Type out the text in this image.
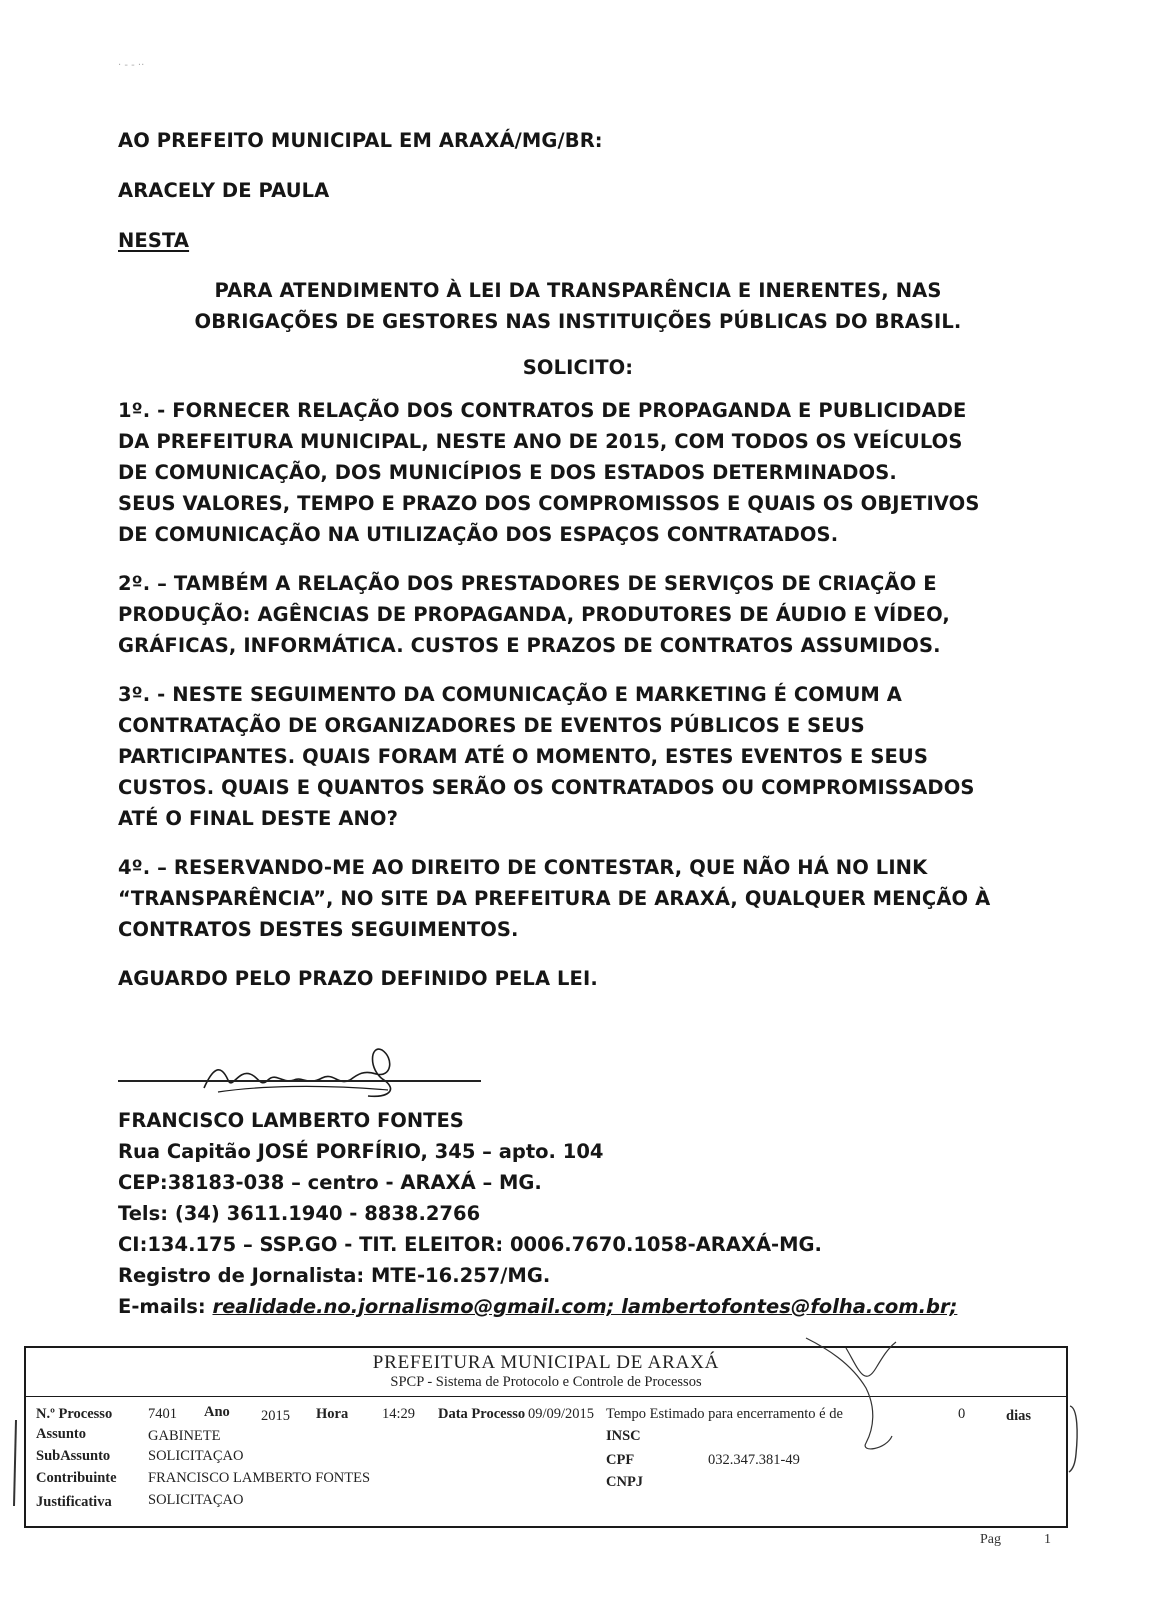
· - - ··

AO PREFEITO MUNICIPAL EM ARAXÁ/MG/BR:

ARACELY DE PAULA

NESTA

PARA ATENDIMENTO À LEI DA TRANSPARÊNCIA E INERENTES, NAS

OBRIGAÇÕES DE GESTORES NAS INSTITUIÇÕES PÚBLICAS DO BRASIL.

SOLICITO:

1º. - FORNECER RELAÇÃO DOS CONTRATOS DE PROPAGANDA E PUBLICIDADE

DA PREFEITURA MUNICIPAL, NESTE ANO DE 2015, COM TODOS OS VEÍCULOS

DE COMUNICAÇÃO, DOS MUNICÍPIOS E DOS ESTADOS DETERMINADOS.

SEUS VALORES, TEMPO E PRAZO DOS COMPROMISSOS E QUAIS OS OBJETIVOS

DE COMUNICAÇÃO NA UTILIZAÇÃO DOS ESPAÇOS CONTRATADOS.

2º. – TAMBÉM A RELAÇÃO DOS PRESTADORES DE SERVIÇOS DE CRIAÇÃO E

PRODUÇÃO: AGÊNCIAS DE PROPAGANDA, PRODUTORES DE ÁUDIO E VÍDEO,

GRÁFICAS, INFORMÁTICA. CUSTOS E PRAZOS DE CONTRATOS ASSUMIDOS.

3º. - NESTE SEGUIMENTO DA COMUNICAÇÃO E MARKETING É COMUM A

CONTRATAÇÃO DE ORGANIZADORES DE EVENTOS PÚBLICOS E SEUS

PARTICIPANTES. QUAIS FORAM ATÉ O MOMENTO, ESTES EVENTOS E SEUS

CUSTOS. QUAIS E QUANTOS SERÃO OS CONTRATADOS OU COMPROMISSADOS

ATÉ O FINAL DESTE ANO?

4º. – RESERVANDO-ME AO DIREITO DE CONTESTAR, QUE NÃO HÁ NO LINK

“TRANSPARÊNCIA”, NO SITE DA PREFEITURA DE ARAXÁ, QUALQUER MENÇÃO À

CONTRATOS DESTES SEGUIMENTOS.

AGUARDO PELO PRAZO DEFINIDO PELA LEI.

FRANCISCO LAMBERTO FONTES

Rua Capitão JOSÉ PORFÍRIO, 345 – apto. 104

CEP:38183-038 – centro - ARAXÁ – MG.

Tels: (34) 3611.1940 - 8838.2766

CI:134.175 – SSP.GO - TIT. ELEITOR: 0006.7670.1058-ARAXÁ-MG.

Registro de Jornalista: MTE-16.257/MG.

E-mails: realidade.no.jornalismo@gmail.com; lambertofontes@folha.com.br;

PREFEITURA MUNICIPAL DE ARAXÁ
SPCP - Sistema de Protocolo e Controle de Processos
N.º Processo 7401 Ano 2015 Hora 14:29 Data Processo 09/09/2015 Tempo Estimado para encerramento é de	0	dias
Assunto	GABINETE	INSC
SubAssunto	SOLICITAÇAO	CPF	032.347.381-49
Contribuinte FRANCISCO LAMBERTO FONTES	CNPJ
Justificativa	SOLICITAÇAO
Pag	1
